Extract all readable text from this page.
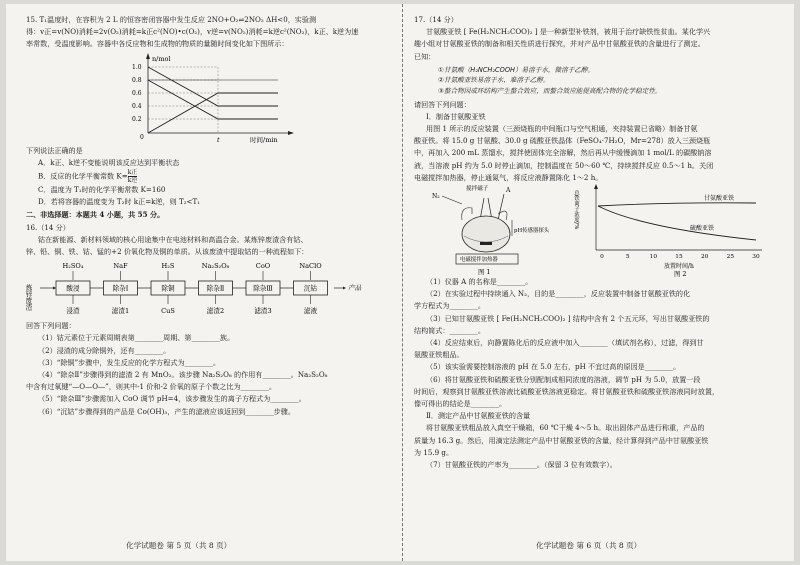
15. T₁温度时，在容积为 2 L 的恒容密闭容器中发生反应 2NO+O₂⇌2NO₂ ΔH<0，实验测

得：v正=v(NO)消耗=2v(O₂)消耗=k正c²(NO)•c(O₂)，v逆=v(NO₂)消耗=k逆c²(NO₂)，k正、k逆为速

率常数，受温度影响。容器中各反应物和生成物的物质的量随时间变化如下图所示：

n/mol
时间/min
1.0
0.8
0.6
0.4
0.2
0	t

下列说法正确的是

A．k正、k逆不变能说明该反应达到平衡状态

B．反应的化学平衡常数 K= k正
k逆

C．温度为 T₁时的化学平衡常数 K=160

D．若将容器的温度变为 T₂时 k正=k逆，则 T₂<T₁

二、非选择题：本题共 4 小题，共 55 分。

16.（14 分）

钴在新能源、新材料领域的核心用途集中在电池材料和高温合金。某炼锌废渣含有钴、

锌、铅、铜、铁、钴、锰的+2 价氧化物及铜的单质。从该废渣中提取钴的一种流程如下：

炼锌废渣	酸浸
H₂SO₄
浸渣
除杂Ⅰ
NaF
滤渣1
除铜
H₂S
CuS
除杂Ⅱ
Na₂S₂O₈
滤渣2
除杂Ⅲ
CoO
滤渣3
沉钴
NaClO
滤液
产品

回答下列问题：

（1）钴元素位于元素周期表第________周期、第________族。

（2）浸渣的成分除铜外，还有________。

（3）“除铜”步骤中，发生反应的化学方程式为________。

（4）“除杂Ⅱ”步骤得到的滤渣 2 有 MnO₂。该步骤 Na₂S₂O₈ 的作用有________。Na₂S₂O₈

中含有过氧键“—O—O—”，则其中-1 价和-2 价氧的原子个数之比为________。

（5）“除杂Ⅲ”步骤需加入 CoO 调节 pH=4，该步骤发生的离子方程式为________。

（6）“沉钴”步骤得到的产品是 Co(OH)₃，产生的滤液应该返回到________步骤。

化学试题卷 第 5 页（共 8 页）

17.（14 分）

甘氨酸亚铁 [ Fe(H₂NCH₂COO)₂ ] 是一种新型补铁剂，被用于治疗缺铁性贫血。某化学兴

趣小组对甘氨酸亚铁的制备和相关性质进行探究，并对产品中甘氨酸亚铁的含量进行了测定。

已知：

①甘氨酸（H₂NCH₂COOH）易溶于水，微溶于乙醇。
②甘氨酸亚铁易溶于水，难溶于乙醇。
③螯合物因成环结构产生螯合效应，而螯合效应能提高配合物的化学稳定性。

请回答下列问题：

Ⅰ．制备甘氨酸亚铁

用图 1 所示的反应装置（三颈烧瓶的中间瓶口与空气相通，夹持装置已省略）制备甘氨

酸亚铁。将 15.0 g 甘氨酸、30.0 g 硫酸亚铁晶体（FeSO₄·7H₂O，Mr=278）放入三颈烧瓶

中，再加入 200 mL 蒸馏水，搅拌使固体完全溶解，然后再从中缓慢滴加 1 mol/L 的碳酸钠溶

液，当溶液 pH 约为 5.0 时停止滴加，控制温度在 50～60 ℃，持续搅拌反应 0.5～1 h。关闭

电磁搅拌加热器，停止通氮气，将反应液静置陈化 1～2 h。

N₂
搅拌磁子	A
pH传感器探头
电磁搅拌加热器
图 1
总铁离子浓度/%
0	5	10	15	20	25	30
甘氨酸亚铁
硫酸亚铁
放置时间/h
图 2

（1）仪器 A 的名称是________。

（2）在实验过程中持续通入 N₂，目的是________，反应装置中制备甘氨酸亚铁的化

学方程式为________。

（3）已知甘氨酸亚铁 [ Fe(H₂NCH₂COO)₂ ] 结构中含有 2 个五元环，写出甘氨酸亚铁的

结构简式：________。

（4）反应结束后，向静置陈化后的反应液中加入________（填试剂名称），过滤，得到甘

氨酸亚铁粗品。

（5）该实验需要控制溶液的 pH 在 5.0 左右，pH 不宜过高的原因是________。

（6）将甘氨酸亚铁和硫酸亚铁分别配制成相同浓度的溶液，调节 pH 为 5.0，放置一段

时间后，观察到甘氨酸亚铁溶液比硫酸亚铁溶液更稳定。将甘氨酸亚铁和硫酸亚铁溶液同时放置，

像可得出的结论是________。

Ⅱ．测定产品中甘氨酸亚铁的含量

将甘氨酸亚铁粗品放入真空干燥箱，60 ℃干燥 4～5 h。取出固体产品进行称重，产品的

质量为 16.3 g。然后，用滴定法测定产品中甘氨酸亚铁的含量，经计算得到产品中甘氨酸亚铁

为 15.9 g。

（7）甘氨酸亚铁的产率为________。（保留 3 位有效数字）。

化学试题卷 第 6 页（共 8 页）
